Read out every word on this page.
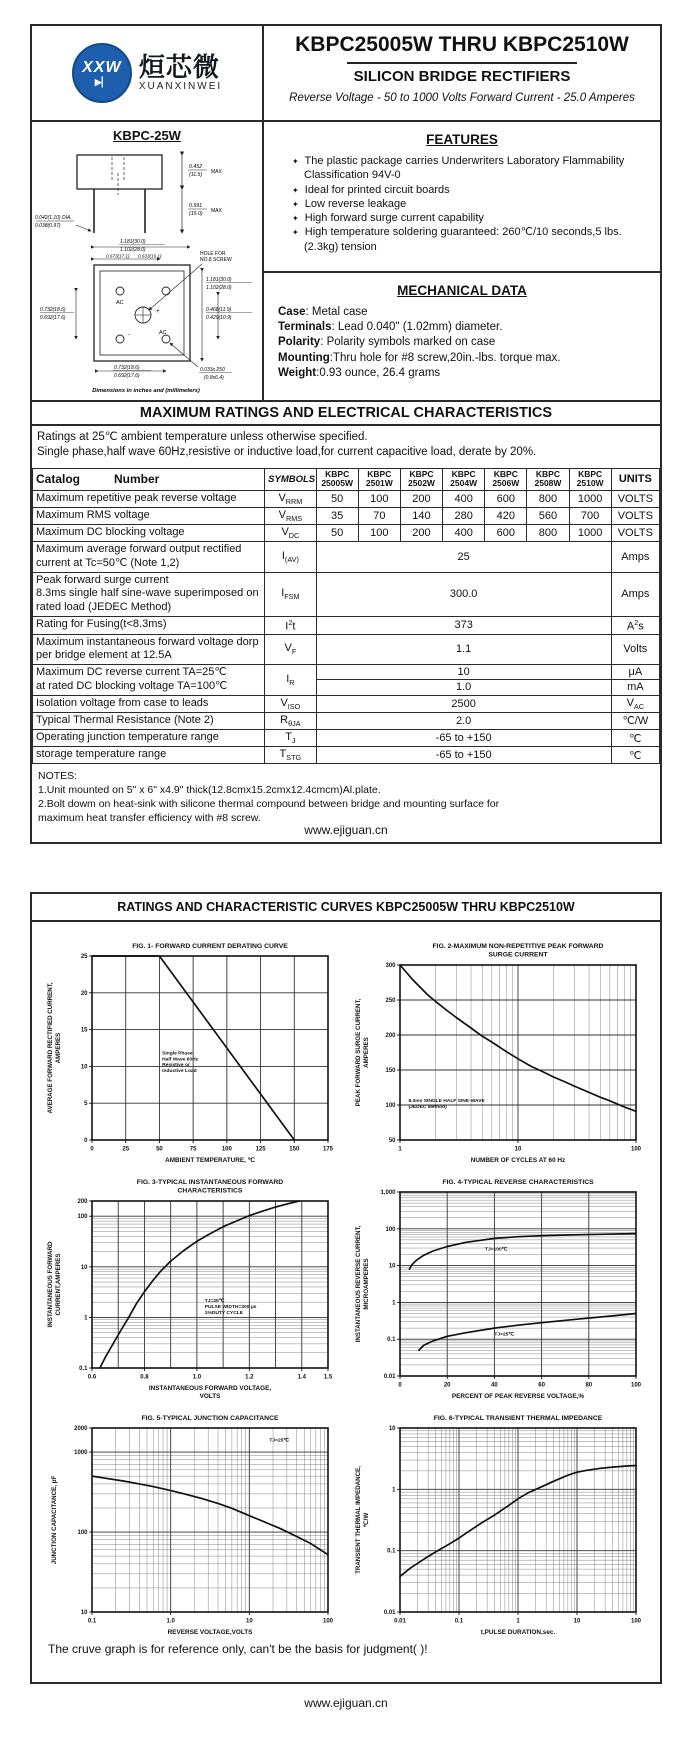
XXW
▶▏ 烜芯微
XUANXINWEI
KBPC25005W THRU KBPC2510W
SILICON BRIDGE RECTIFIERS
Reverse Voltage - 50 to 1000 Volts Forward Current - 25.0 Amperes
KBPC-25W
0.452
(11.5) MAX
0.591
(15.0) MAX
0.042(1.10) DIA.
0.038(0.97)
AC
+
-	AC
HOLE FOR
NO.8 SCREW
1.181(30.0)
1.102(28.0)
0.673(17.1) 0.633(16.1)
1.181(30.0)
1.102(28.0)
0.468(11.9)
0.429(10.9)
0.732(18.6)
0.692(17.6)
0.732(18.6)
0.692(17.6)
0.033x.250
(0.8x6.4)
Dimensions in inches and (millimeters)
FEATURES
✦ The plastic package carries Underwriters Laboratory Flammability Classification 94V-0
✦ Ideal for printed circuit boards
✦ Low reverse leakage
✦ High forward surge current capability
✦ High temperature soldering guaranteed: 260℃/10 seconds,5 lbs. (2.3kg) tension
MECHANICAL DATA
Case: Metal case
Terminals: Lead 0.040" (1.02mm) diameter.
Polarity: Polarity symbols marked on case
Mounting:Thru hole for #8 screw,20in.-lbs. torque max.
Weight:0.93 ounce, 26.4 grams
MAXIMUM RATINGS AND ELECTRICAL CHARACTERISTICS
Ratings at 25℃ ambient temperature unless otherwise specified.
Single phase,half wave 60Hz,resistive or inductive load,for current capacitive load, derate by 20%.
Catalog	Number	SYMBOLS	KBPC
25005W

KBPC
2501W

KBPC
2502W

KBPC
2504W

KBPC
2506W

KBPC
2508W

KBPC
2510W	UNITS

Maximum repetitive peak reverse voltage	$V_{RRM}$	50	100	200	400	600	800	1000	VOLTS

Maximum RMS voltage	$V_{RMS}$	35	70	140	280	420	560	700	VOLTS

Maximum DC blocking voltage	$V_{DC}$	50	100	200	400	600	800	1000	VOLTS

Maximum average forward output rectified
current at Tc=50℃ (Note 1,2)	$I_{(AV)}$	25							Amps

Peak forward surge current
8.3ms single half sine-wave superimposed on
rated load (JEDEC Method)	$I_{FSM}$	300.0							Amps

Rating for Fusing(t<8.3ms)	$I^2t$	373							$A^2s$

Maximum instantaneous forward voltage dorp
per bridge element at 12.5A	$V_F$	1.1							Volts

Maximum DC reverse current TA=25℃
at rated DC blocking voltage TA=100℃	$I_R$	10							μA
		1.0							mA

Isolation voltage from case to leads	$V_{ISO}$	2500							$V_{AC}$

Typical Thermal Resistance (Note 2)	$R_{\theta JA}$	2.0							℃/W

Operating junction temperature range	$T_J$	-65 to +150							℃

storage temperature range	$T_{STG}$	-65 to +150							℃
NOTES:
1.Unit mounted on 5" x 6" x4.9" thick(12.8cmx15.2cmx12.4cmcm)Al.plate.
2.Bolt dowm on heat-sink with silicone thermal compound between bridge and mounting surface for
maximum heat transfer efficiency with #8 screw.
www.ejiguan.cn
RATINGS AND CHARACTERISTIC CURVES KBPC25005W THRU KBPC2510W
0	25	50	75	100	125	150	175
0
5
10
15
20
25
FIG. 1- FORWARD CURRENT DERATING CURVE
AMBIENT TEMPERATURE, ℃
AVERAGE FORWARD RECTIFIED CURRENT, AMPERES	Single Phase
Half Wave 60Hz
Resistive or
Inductive Load
1	10	100
50
100
150
200
250
300
FIG. 2-MAXIMUM NON-REPETITIVE PEAK FORWARD
SURGE CURRENT
NUMBER OF CYCLES AT 60 Hz
PEAK FORWARD SURGE CURRENT, AMPERES
8.3ms SINGLE HALF SINE-WAVE
(JEDEC Method)
0.6	0.8	1.0	1.2	1.4	1.5
0.1
1
10
100
200
FIG. 3-TYPICAL INSTANTANEOUS FORWARD
CHARACTERISTICS
INSTANTANEOUS FORWARD VOLTAGE,
VOLTS
INSTANTANEOUS FORWARD CURRENT,AMPERES	TJ=25℃
PULSE WIDTH=300 μs
1%DUTY CYCLE
0	20	40	60	80	100
0.01
0.1
1
10
100
1,000
FIG. 4-TYPICAL REVERSE CHARACTERISTICS
PERCENT OF PEAK REVERSE VOLTAGE,%
INSTANTANEOUS REVERSE CURRENT, MICROAMPERES
TJ=100℃
TJ=25℃
0.1	1.0	10	100
10
100
1000
2000
FIG. 5-TYPICAL JUNCTION CAPACITANCE
REVERSE VOLTAGE,VOLTS
JUNCTION CAPACITANCE, pF
TJ=25℃
0.01	0.1	1	10	100
0.01
0.1
1
10
FIG. 6-TYPICAL TRANSIENT THERMAL IMPEDANCE
t,PULSE DURATION,sec.
TRANSIENT THERMAL IMPEDANCE, ℃/W
The cruve graph is for reference only, can't be the basis for judgment( )!
www.ejiguan.cn
